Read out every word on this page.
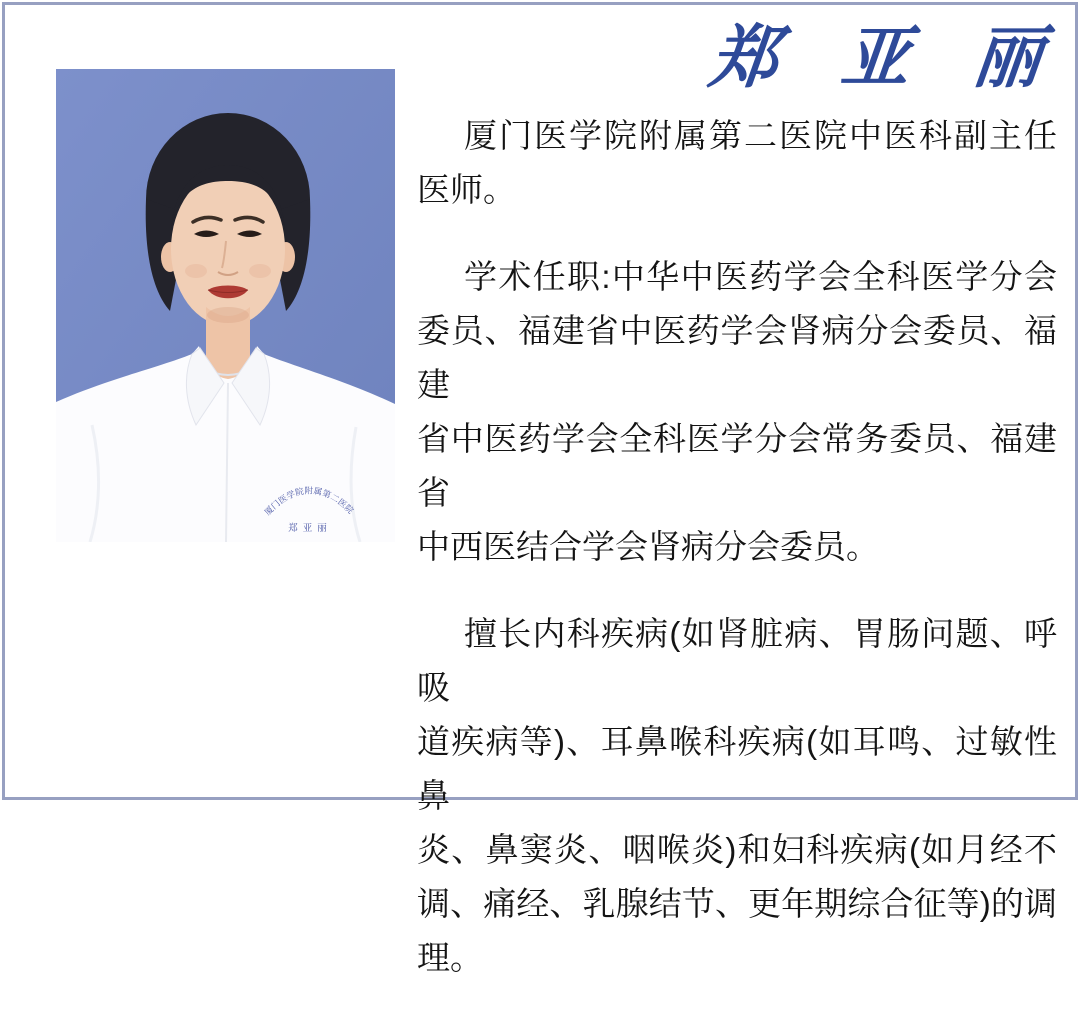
郑 亚 丽
厦门医学院附属第二医院
郑亚丽

厦门医学院附属第二医院中医科副主任
医师。

学术任职:中华中医药学会全科医学分会
委员、福建省中医药学会肾病分会委员、福建
省中医药学会全科医学分会常务委员、福建省
中西医结合学会肾病分会委员。

擅长内科疾病(如肾脏病、胃肠问题、呼吸
道疾病等)、耳鼻喉科疾病(如耳鸣、过敏性鼻
炎、鼻窦炎、咽喉炎)和妇科疾病(如月经不
调、痛经、乳腺结节、更年期综合征等)的调理。
